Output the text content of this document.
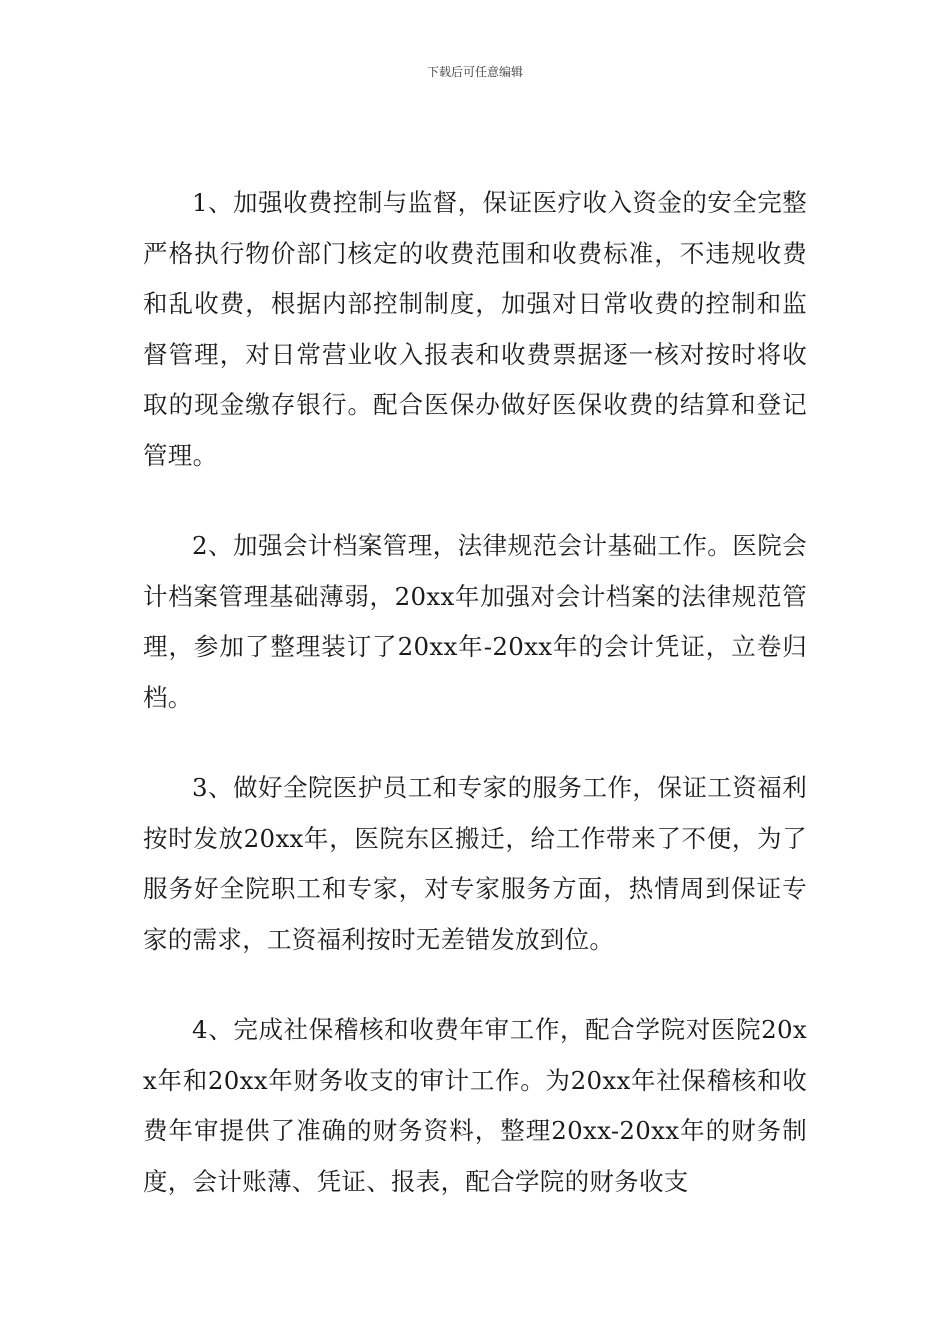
下载后可任意编辑

1、加强收费控制与监督，保证医疗收入资金的安全完整严格执行物价部门核定的收费范围和收费标准，不违规收费和乱收费，根据内部控制制度，加强对日常收费的控制和监督管理，对日常营业收入报表和收费票据逐一核对按时将收取的现金缴存银行。配合医保办做好医保收费的结算和登记管理。

2、加强会计档案管理，法律规范会计基础工作。医院会计档案管理基础薄弱，20xx年加强对会计档案的法律规范管理，参加了整理装订了20xx年-20xx年的会计凭证，立卷归档。

3、做好全院医护员工和专家的服务工作，保证工资福利按时发放20xx年，医院东区搬迁，给工作带来了不便，为了服务好全院职工和专家，对专家服务方面，热情周到保证专家的需求，工资福利按时无差错发放到位。

4、完成社保稽核和收费年审工作，配合学院对医院20xx年和20xx年财务收支的审计工作。为20xx年社保稽核和收费年审提供了准确的财务资料，整理20xx-20xx年的财务制度，会计账薄、凭证、报表，配合学院的财务收支
